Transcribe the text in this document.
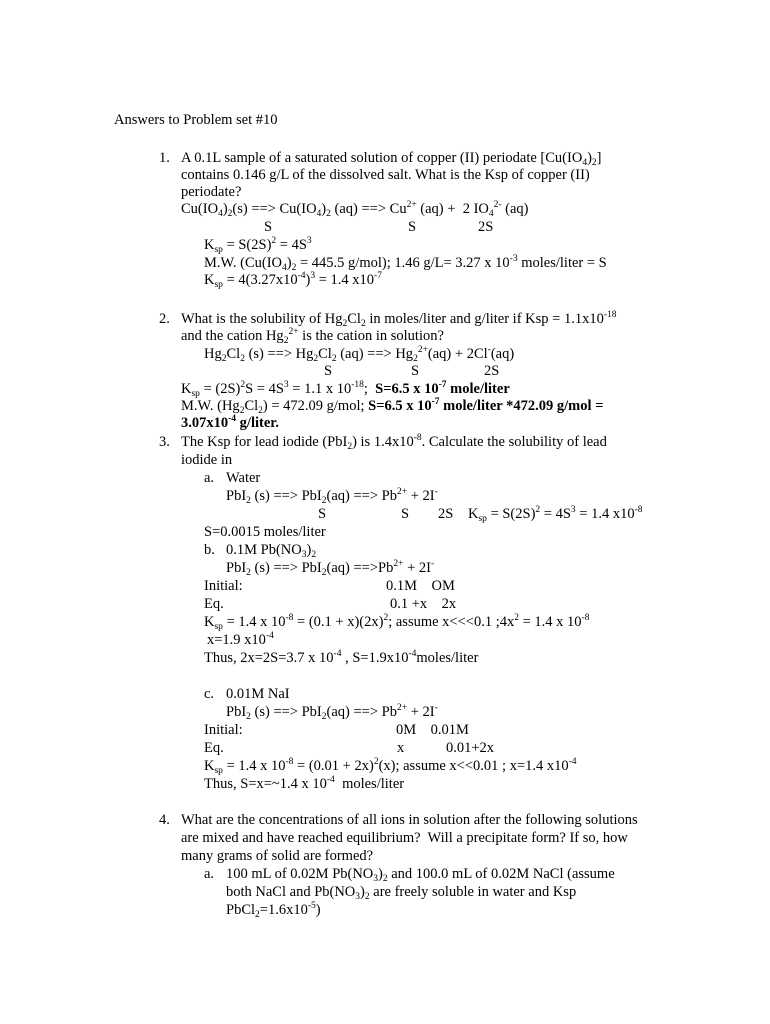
Answers to Problem set #10
1. A 0.1L sample of a saturated solution of copper (II) periodate $[Cu(IO_4)_2]$
contains 0.146 g/L of the dissolved salt. What is the Ksp of copper (II)
periodate?
$Cu(IO_4)_2(s)$ ==> $Cu(IO_4)_2$ (aq) ==> $Cu^{2+}$ (aq) +  2 $IO_4^{2-}$ (aq)
S	S	2S
$K_{sp} = S(2S)^2 = 4S^3$
M.W. ($Cu(IO_4)_2 = 445.5$ g/mol); 1.46 g/L= 3.27 x $10^{-3}$ moles/liter = S
$K_{sp} = 4(3.27x10^{-4})^3 = 1.4$ $x10^{-7}$
2. What is the solubility of $Hg_2Cl_2$ in moles/liter and g/liter if Ksp = $1.1x10^{-18}$
and the cation $Hg_2^{2+}$ is the cation in solution?
$Hg_2Cl_2$ (s) ==> $Hg_2Cl_2$ (aq) ==> $Hg_2^{2+}(aq) + 2Cl^-(aq)$
S	S	2S
$K_{sp} = (2S)^2S = 4S^3 = 1.1$ x $10^{-18}$;  S=6.5 x $10^{-7}$ mole/liter
M.W. $(Hg_2Cl_2) = 472.09$ g/mol; S=6.5 x $10^{-7}$ mole/liter *472.09 g/mol =
$3.07x10^{-4}$ g/liter.
3. The Ksp for lead iodide (PbI$_2$) is $1.4x10^{-8}$. Calculate the solubility of lead
iodide in
a. Water
PbI$_2$ (s) ==> PbI$_2$(aq) ==> $Pb^{2+} + 2I^-$
S	S 2S $K_{sp} = S(2S)^2 = 4S^3 = 1.4$ $x10^{-8}$
S=0.0015 moles/liter
b. 0.1M $Pb(NO_3)_2$
PbI$_2$ (s) ==> $PbI_2(aq) ==>Pb^{2+} + 2I^-$
Initial:	0.1M    OM
Eq.	0.1 +x    2x
$K_{sp} = 1.4$ x $10^{-8} = (0.1 + x)(2x)^2$; assume x<<<0.1 $;4x^2 = 1.4$ x $10^{-8}$
x=1.9 $x10^{-4}$
Thus, 2x=2S=3.7 x $10^{-4}$ , $S=1.9x10^{-4}moles$/liter
c. 0.01M NaI
PbI$_2$ (s) ==> PbI$_2$(aq) ==> $Pb^{2+} + 2I^-$
Initial:	0M    0.01M
Eq.	x	0.01+2x
$K_{sp} = 1.4$ x $10^{-8} = (0.01 + 2x)^2(x)$; assume x<<0.01 ; x=1.4 $x10^{-4}$
Thus, S=x=~1.4 x $10^{-4}$  moles/liter
4. What are the concentrations of all ions in solution after the following solutions
are mixed and have reached equilibrium?  Will a precipitate form? If so, how
many grams of solid are formed?
a. 100 mL of 0.02M $Pb(NO_3)_2$ and 100.0 mL of 0.02M NaCl (assume
both NaCl and $Pb(NO_3)_2$ are freely soluble in water and Ksp
$PbCl_2=1.6x10^{-5}$)
